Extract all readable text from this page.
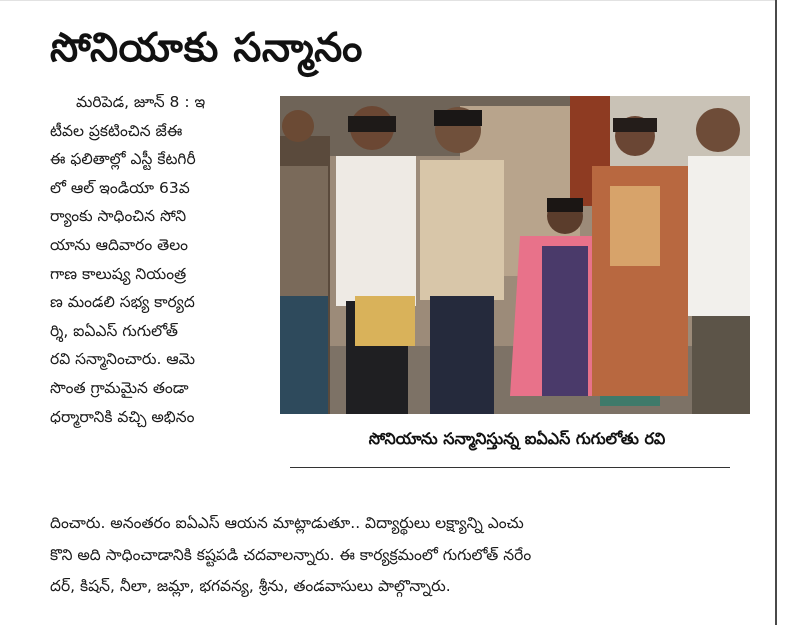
సోనియాకు సన్మానం
మరిపెడ, జూన్ 8 : ఇ
టీవల ప్రకటించిన జేఈ
ఈ ఫలితాల్లో ఎస్టీ కేటగిరీ
లో ఆల్ ఇండియా 63వ
ర్యాంకు సాధించిన సోని
యాను ఆదివారం తెలం
గాణ కాలుష్య నియంత్ర
ణ మండలి సభ్య కార్యద
ర్శి, ఐఏఎస్ గుగులోత్
రవి సన్మానించారు. ఆమె
సొంత గ్రామమైన తండా
ధర్మారానికి వచ్చి అభినం
సోనియాను సన్మానిస్తున్న ఐఏఎస్ గుగులోతు రవి
దించారు. అనంతరం ఐఏఎస్ ఆయన మాట్లాడుతూ.. విద్యార్థులు లక్ష్యాన్ని ఎంచు
కొని అది సాధించాడానికి కష్టపడి చదవాలన్నారు. ఈ కార్యక్రమంలో గుగులోత్ నరేం
దర్, కిషన్, నీలా, జమ్లా, భగవన్య, శ్రీను, తండవాసులు పాల్గొన్నారు.
